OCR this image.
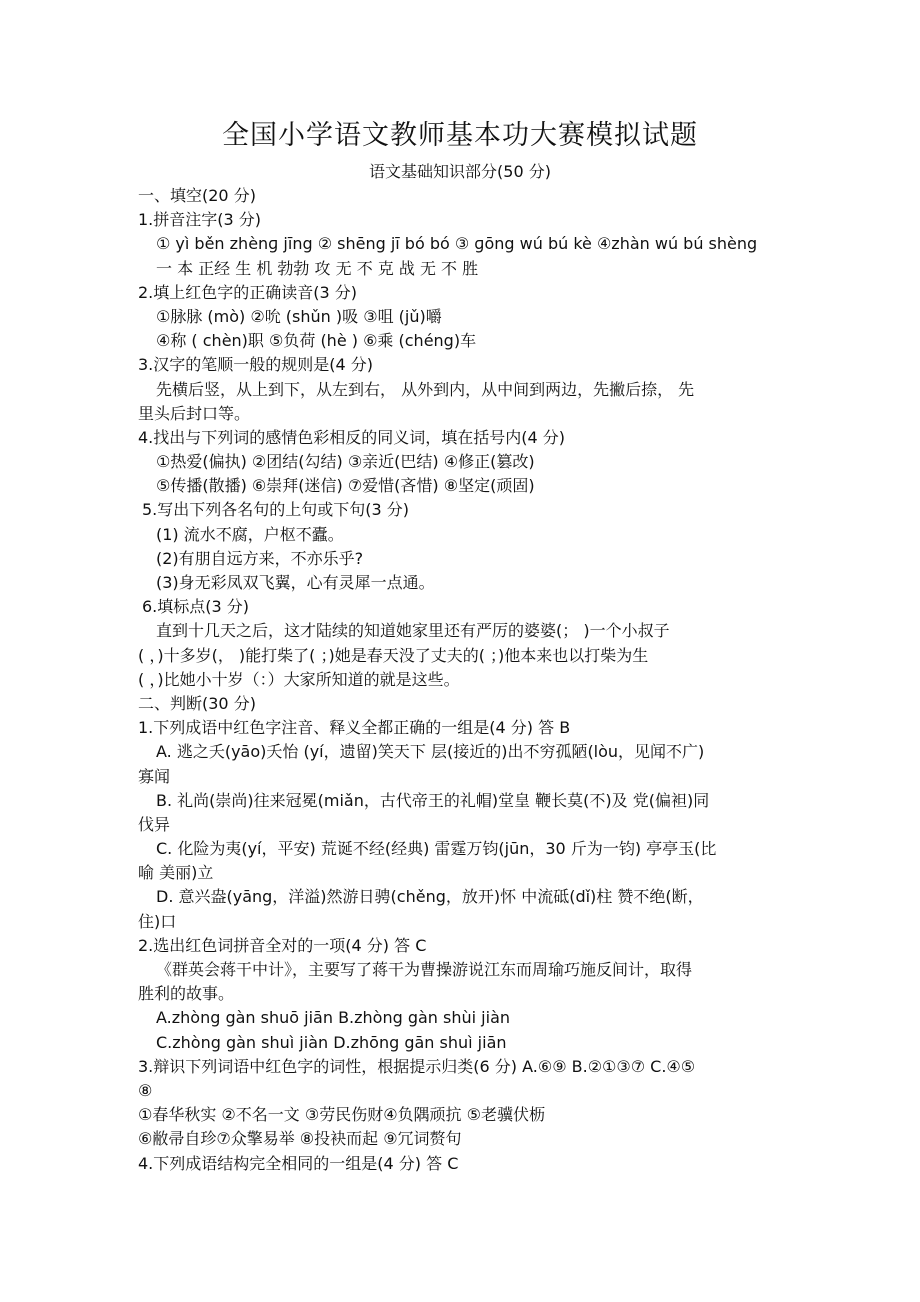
全国小学语文教师基本功大赛模拟试题
语文基础知识部分(50 分)
一、填空(20 分)
1.拼音注字(3 分)
① yì běn zhènɡ jīng ② shēng jī bó bó ③ ɡōng wú bú kè ④zhàn wú bú shèng
一 本 正经 生 机 勃勃 攻 无 不 克 战 无 不 胜
2.填上红色字的正确读音(3 分)
①脉脉 (mò) ②吮 (shǔn )吸 ③咀 (jǔ)嚼
④称 ( chèn)职 ⑤负荷 (hè ) ⑥乘 (chéng)车
3.汉字的笔顺一般的规则是(4 分)
先横后竖，从上到下，从左到右， 从外到内，从中间到两边，先撇后捺， 先
里头后封口等。
4.找出与下列词的感情色彩相反的同义词，填在括号内(4 分)
①热爱(偏执) ②团结(勾结) ③亲近(巴结) ④修正(篡改)
⑤传播(散播) ⑥崇拜(迷信) ⑦爱惜(吝惜) ⑧坚定(顽固)
5.写出下列各名句的上句或下句(3 分)
(1) 流水不腐，户枢不蠹。
(2)有朋自远方来，不亦乐乎?
(3)身无彩凤双飞翼，心有灵犀一点通。
6.填标点(3 分)
直到十几天之后，这才陆续的知道她家里还有严厉的婆婆(； )一个小叔子
( ，)十多岁(， )能打柴了( ；)她是春天没了丈夫的( ；)他本来也以打柴为生
( ，)比她小十岁（：）大家所知道的就是这些。
二、判断(30 分)
1.下列成语中红色字注音、释义全都正确的一组是(4 分) 答 B
A. 逃之夭(yāo)夭怡 (yí，遗留)笑天下 层(接近的)出不穷孤陋(lòu，见闻不广)
寡闻
B. 礼尚(崇尚)往来冠冕(miǎn，古代帝王的礼帽)堂皇 鞭长莫(不)及 党(偏袒)同
伐异
C. 化险为夷(yí，平安) 荒诞不经(经典) 雷霆万钧(jūn，30 斤为一钧) 亭亭玉(比
喻 美丽)立
D. 意兴盎(yāng，洋溢)然游日骋(chěng，放开)怀 中流砥(dǐ)柱 赞不绝(断，
住)口
2.选出红色词拼音全对的一项(4 分) 答 C
《群英会蒋干中计》，主要写了蒋干为曹操游说江东而周瑜巧施反间计，取得
胜利的故事。
A.zhòng gàn shuō jiān B.zhòng gàn shùi jiàn
C.zhòng gàn shuì jiàn D.zhōng gān shuì jiān
3.辩识下列词语中红色字的词性，根据提示归类(6 分) A.⑥⑨ B.②①③⑦ C.④⑤
⑧
①春华秋实 ②不名一文 ③劳民伤财④负隅顽抗 ⑤老骥伏枥
⑥敝帚自珍⑦众擎易举 ⑧投袂而起 ⑨冗词赘句
4.下列成语结构完全相同的一组是(4 分) 答 C
